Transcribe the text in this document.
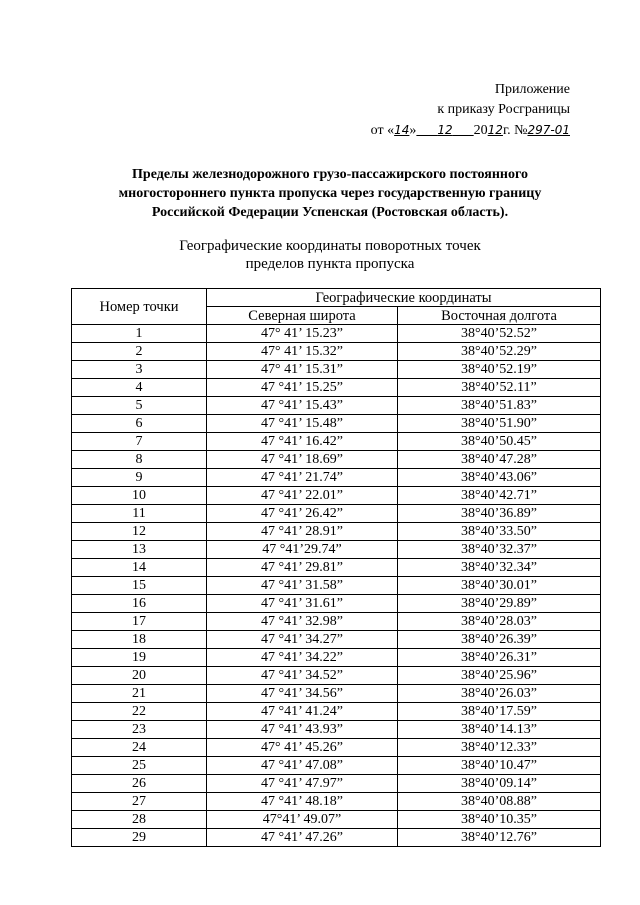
Приложение
к приказу Росграницы
от «14» 12 2012г. №297-01
Пределы железнодорожного грузо-пассажирского постоянного
многостороннего пункта пропуска через государственную границу
Российской Федерации Успенская (Ростовская область).
Географические координаты поворотных точек
пределов пункта пропуска
Номер точки	Географические координаты	
	Северная широта	Восточная долгота
1	47° 41’ 15.23”	38°40’52.52”
2	47° 41’ 15.32”	38°40’52.29”
3	47° 41’ 15.31”	38°40’52.19”
4	47 °41’ 15.25”	38°40’52.11”
5	47 °41’ 15.43”	38°40’51.83”
6	47 °41’ 15.48”	38°40’51.90”
7	47 °41’ 16.42”	38°40’50.45”
8	47 °41’ 18.69”	38°40’47.28”
9	47 °41’ 21.74”	38°40’43.06”
10	47 °41’ 22.01”	38°40’42.71”
11	47 °41’ 26.42”	38°40’36.89”
12	47 °41’ 28.91”	38°40’33.50”
13	47 °41’29.74”	38°40’32.37”
14	47 °41’ 29.81”	38°40’32.34”
15	47 °41’ 31.58”	38°40’30.01”
16	47 °41’ 31.61”	38°40’29.89”
17	47 °41’ 32.98”	38°40’28.03”
18	47 °41’ 34.27”	38°40’26.39”
19	47 °41’ 34.22”	38°40’26.31”
20	47 °41’ 34.52”	38°40’25.96”
21	47 °41’ 34.56”	38°40’26.03”
22	47 °41’ 41.24”	38°40’17.59”
23	47 °41’ 43.93”	38°40’14.13”
24	47° 41’ 45.26”	38°40’12.33”
25	47 °41’ 47.08”	38°40’10.47”
26	47 °41’ 47.97”	38°40’09.14”
27	47 °41’ 48.18”	38°40’08.88”
28	47°41’ 49.07”	38°40’10.35”
29	47 °41’ 47.26”	38°40’12.76”
